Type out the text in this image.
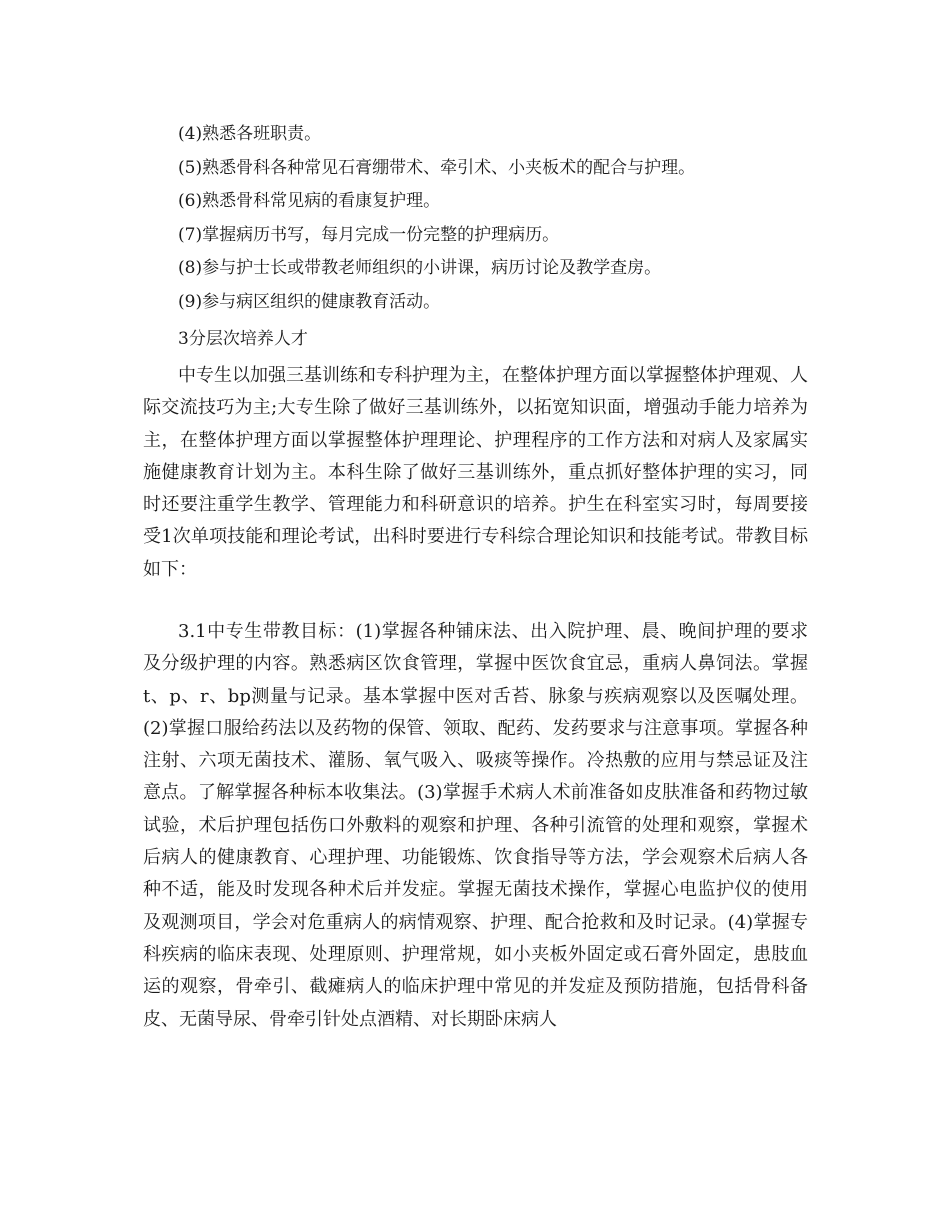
(4)熟悉各班职责。
(5)熟悉骨科各种常见石膏绷带术、牵引术、小夹板术的配合与护理。
(6)熟悉骨科常见病的看康复护理。
(7)掌握病历书写，每月完成一份完整的护理病历。
(8)参与护士长或带教老师组织的小讲课，病历讨论及教学查房。
(9)参与病区组织的健康教育活动。
3分层次培养人才

中专生以加强三基训练和专科护理为主，在整体护理方面以掌握整体护理观、人际交流技巧为主;大专生除了做好三基训练外，以拓宽知识面，增强动手能力培养为主，在整体护理方面以掌握整体护理理论、护理程序的工作方法和对病人及家属实施健康教育计划为主。本科生除了做好三基训练外，重点抓好整体护理的实习，同时还要注重学生教学、管理能力和科研意识的培养。护生在科室实习时，每周要接受1次单项技能和理论考试，出科时要进行专科综合理论知识和技能考试。带教目标如下：

3.1中专生带教目标：(1)掌握各种铺床法、出入院护理、晨、晚间护理的要求及分级护理的内容。熟悉病区饮食管理，掌握中医饮食宜忌，重病人鼻饲法。掌握t、p、r、bp测量与记录。基本掌握中医对舌苔、脉象与疾病观察以及医嘱处理。(2)掌握口服给药法以及药物的保管、领取、配药、发药要求与注意事项。掌握各种注射、六项无菌技术、灌肠、氧气吸入、吸痰等操作。冷热敷的应用与禁忌证及注意点。了解掌握各种标本收集法。(3)掌握手术病人术前准备如皮肤准备和药物过敏试验，术后护理包括伤口外敷料的观察和护理、各种引流管的处理和观察，掌握术后病人的健康教育、心理护理、功能锻炼、饮食指导等方法，学会观察术后病人各种不适，能及时发现各种术后并发症。掌握无菌技术操作，掌握心电监护仪的使用及观测项目，学会对危重病人的病情观察、护理、配合抢救和及时记录。(4)掌握专科疾病的临床表现、处理原则、护理常规，如小夹板外固定或石膏外固定，患肢血运的观察，骨牵引、截瘫病人的临床护理中常见的并发症及预防措施，包括骨科备皮、无菌导尿、骨牵引针处点酒精、对长期卧床病人
